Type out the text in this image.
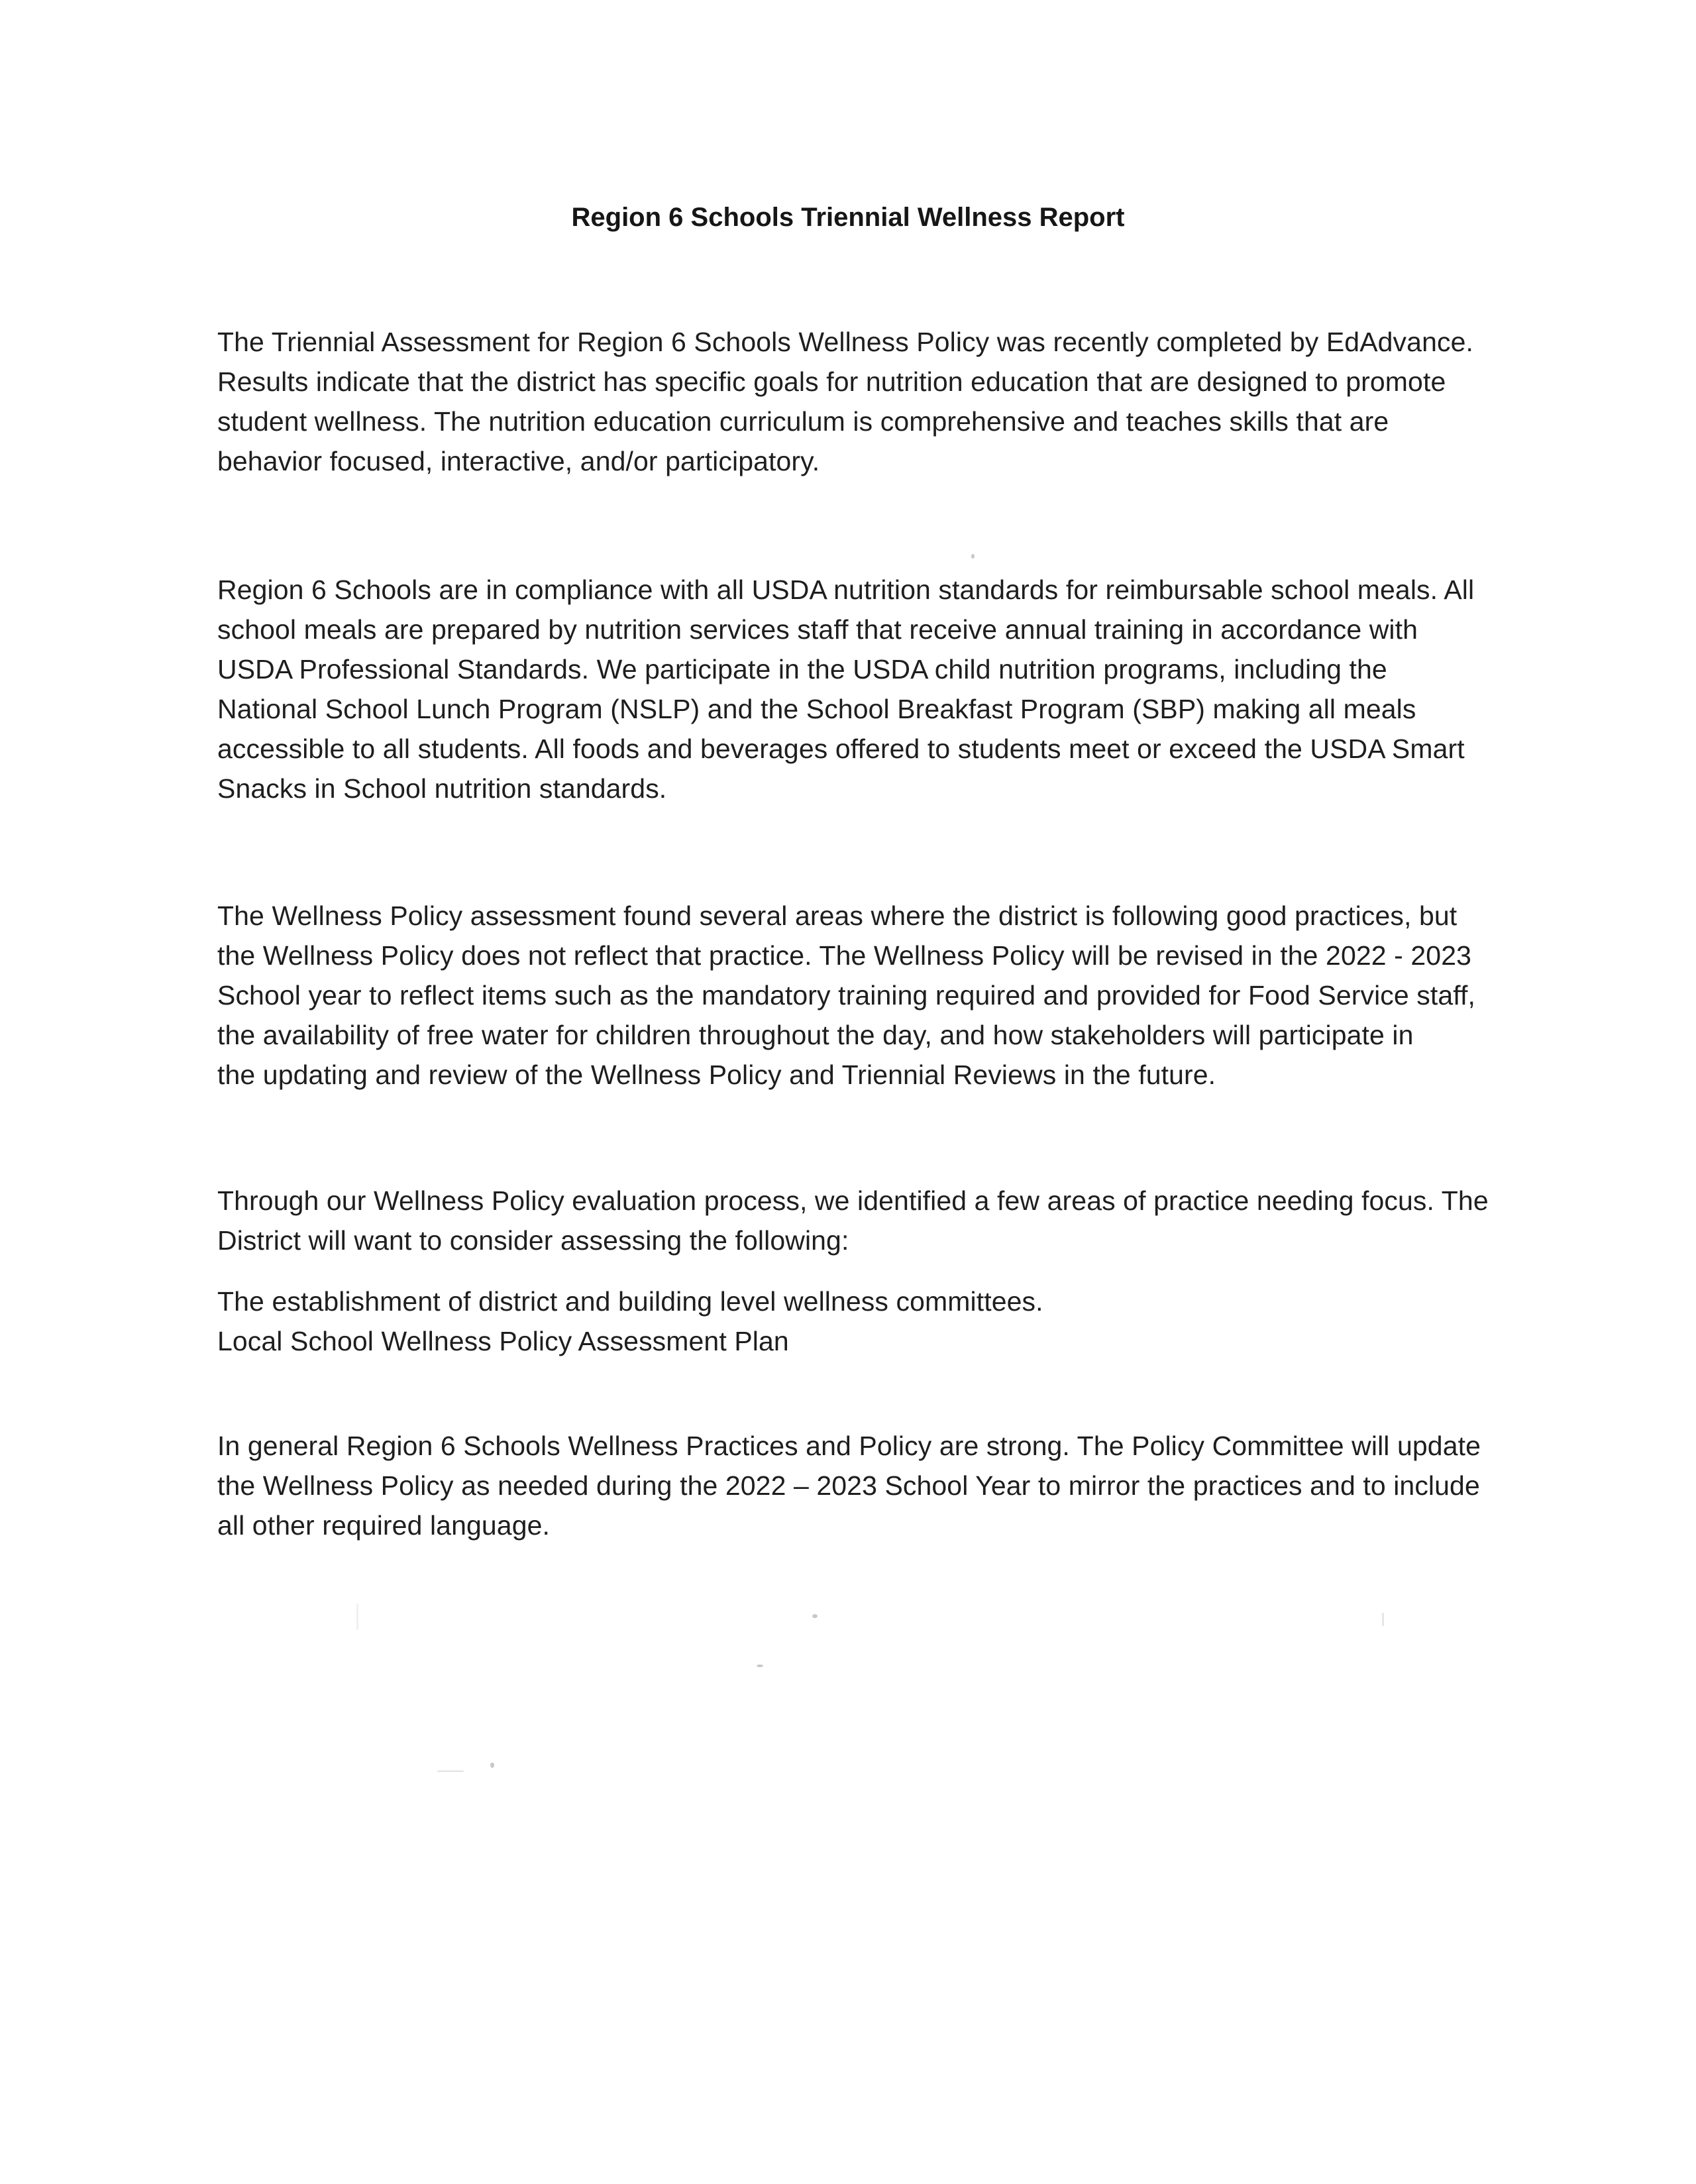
Region 6 Schools Triennial Wellness Report
The Triennial Assessment for Region 6 Schools Wellness Policy was recently completed by EdAdvance.
Results indicate that the district has specific goals for nutrition education that are designed to promote
student wellness. The nutrition education curriculum is comprehensive and teaches skills that are
behavior focused, interactive, and/or participatory.
Region 6 Schools are in compliance with all USDA nutrition standards for reimbursable school meals. All
school meals are prepared by nutrition services staff that receive annual training in accordance with
USDA Professional Standards. We participate in the USDA child nutrition programs, including the
National School Lunch Program (NSLP) and the School Breakfast Program (SBP) making all meals
accessible to all students. All foods and beverages offered to students meet or exceed the USDA Smart
Snacks in School nutrition standards.
The Wellness Policy assessment found several areas where the district is following good practices, but
the Wellness Policy does not reflect that practice. The Wellness Policy will be revised in the 2022 - 2023
School year to reflect items such as the mandatory training required and provided for Food Service staff,
the availability of free water for children throughout the day, and how stakeholders will participate in
the updating and review of the Wellness Policy and Triennial Reviews in the future.
Through our Wellness Policy evaluation process, we identified a few areas of practice needing focus. The
District will want to consider assessing the following:
The establishment of district and building level wellness committees.
Local School Wellness Policy Assessment Plan
In general Region 6 Schools Wellness Practices and Policy are strong. The Policy Committee will update
the Wellness Policy as needed during the 2022 – 2023 School Year to mirror the practices and to include
all other required language.
